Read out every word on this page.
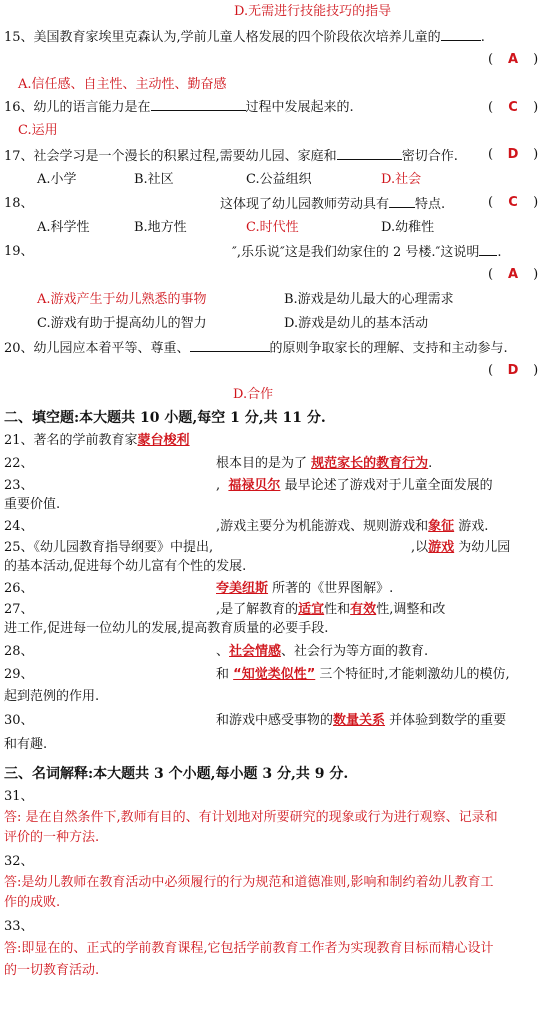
D.无需进行技能技巧的指导
15、美国教育家埃里克森认为,学前儿童人格发展的四个阶段依次培养儿童的	.
( A )
A.信任感、自主性、主动性、勤奋感
16、幼儿的语言能力是在	过程中发展起来的.	( C )
C.运用
17、社会学习是一个漫长的积累过程,需要幼儿园、家庭和	密切合作. ( D )
A.小学	B.社区	C.公益组织	D.社会
18、	这体现了幼儿园教师劳动具有 特点.	( C )
A.科学性	B.地方性	C.时代性	D.幼稚性
19、	″,乐乐说″这是我们幼家住的 2 号楼.″这说明 .
( A )
A.游戏产生于幼儿熟悉的事物	B.游戏是幼儿最大的心理需求
C.游戏有助于提高幼儿的智力	D.游戏是幼儿的基本活动
20、幼儿园应本着平等、尊重、	的原则争取家长的理解、支持和主动参与.
( D )
D.合作
二、填空题:本大题共 10 小题,每空 1 分,共 11 分.
21、著名的学前教育家蒙台梭利
22、	根本目的是为了 规范家长的教育行为.
23、	, 福禄贝尔 最早论述了游戏对于儿童全面发展的
重要价值.
24、	,游戏主要分为机能游戏、规则游戏和象征 游戏.
25、《幼儿园教育指导纲要》中提出,	,以游戏 为幼儿园
的基本活动,促进每个幼儿富有个性的发展.
26、	夸美纽斯 所著的《世界图解》.
27、	,是了解教育的适宜性和有效性,调整和改
进工作,促进每一位幼儿的发展,提高教育质量的必要手段.
28、	、社会情感、社会行为等方面的教育.
29、	和 “知觉类似性” 三个特征时,才能刺激幼儿的模仿,
起到范例的作用.
30、	和游戏中感受事物的数量关系 并体验到数学的重要
和有趣.
三、名词解释:本大题共 3 个小题,每小题 3 分,共 9 分.
31、
答: 是在自然条件下,教师有目的、有计划地对所要研究的现象或行为进行观察、记录和
评价的一种方法.
32、
答:是幼儿教师在教育活动中必须履行的行为规范和道德准则,影响和制约着幼儿教育工
作的成败.
33、
答:即显在的、正式的学前教育课程,它包括学前教育工作者为实现教育目标而精心设计
的一切教育活动.
